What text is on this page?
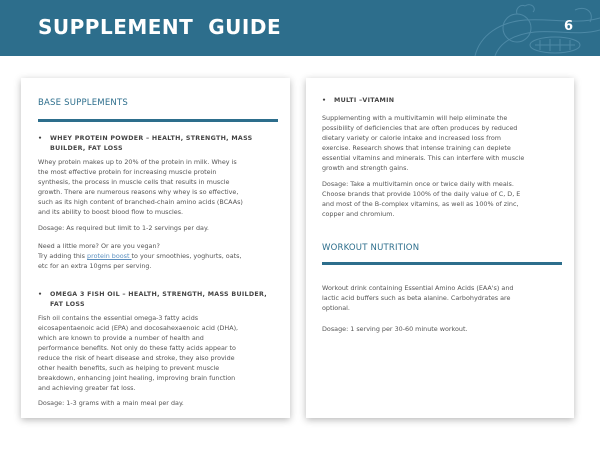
SUPPLEMENT  GUIDE	6
BASE SUPPLEMENTS
• WHEY PROTEIN POWDER – HEALTH, STRENGTH, MASS
BUILDER, FAT LOSS
Whey protein makes up to 20% of the protein in milk. Whey is
the most effective protein for increasing muscle protein
synthesis, the process in muscle cells that results in muscle
growth. There are numerous reasons why whey is so effective,
such as its high content of branched-chain amino acids (BCAAs)
and its ability to boost blood flow to muscles.
Dosage: As required but limit to 1-2 servings per day.
Need a little more? Or are you vegan?
Try adding this protein boost to your smoothies, yoghurts, oats,
etc for an extra 10gms per serving.
• OMEGA 3 FISH OIL – HEALTH, STRENGTH, MASS BUILDER,
FAT LOSS
Fish oil contains the essential omega-3 fatty acids
eicosapentaenoic acid (EPA) and docosahexaenoic acid (DHA),
which are known to provide a number of health and
performance benefits. Not only do these fatty acids appear to
reduce the risk of heart disease and stroke, they also provide
other health benefits, such as helping to prevent muscle
breakdown, enhancing joint healing, improving brain function
and achieving greater fat loss.
Dosage: 1-3 grams with a main meal per day.
• MULTI –VITAMIN
Supplementing with a multivitamin will help eliminate the
possibility of deficiencies that are often produces by reduced
dietary variety or calorie intake and increased loss from
exercise. Research shows that intense training can deplete
essential vitamins and minerals. This can interfere with muscle
growth and strength gains.
Dosage: Take a multivitamin once or twice daily with meals.
Choose brands that provide 100% of the daily value of C, D, E
and most of the B-complex vitamins, as well as 100% of zinc,
copper and chromium.
WORKOUT NUTRITION
Workout drink containing Essential Amino Acids (EAA's) and
lactic acid buffers such as beta alanine. Carbohydrates are
optional.
Dosage: 1 serving per 30-60 minute workout.
